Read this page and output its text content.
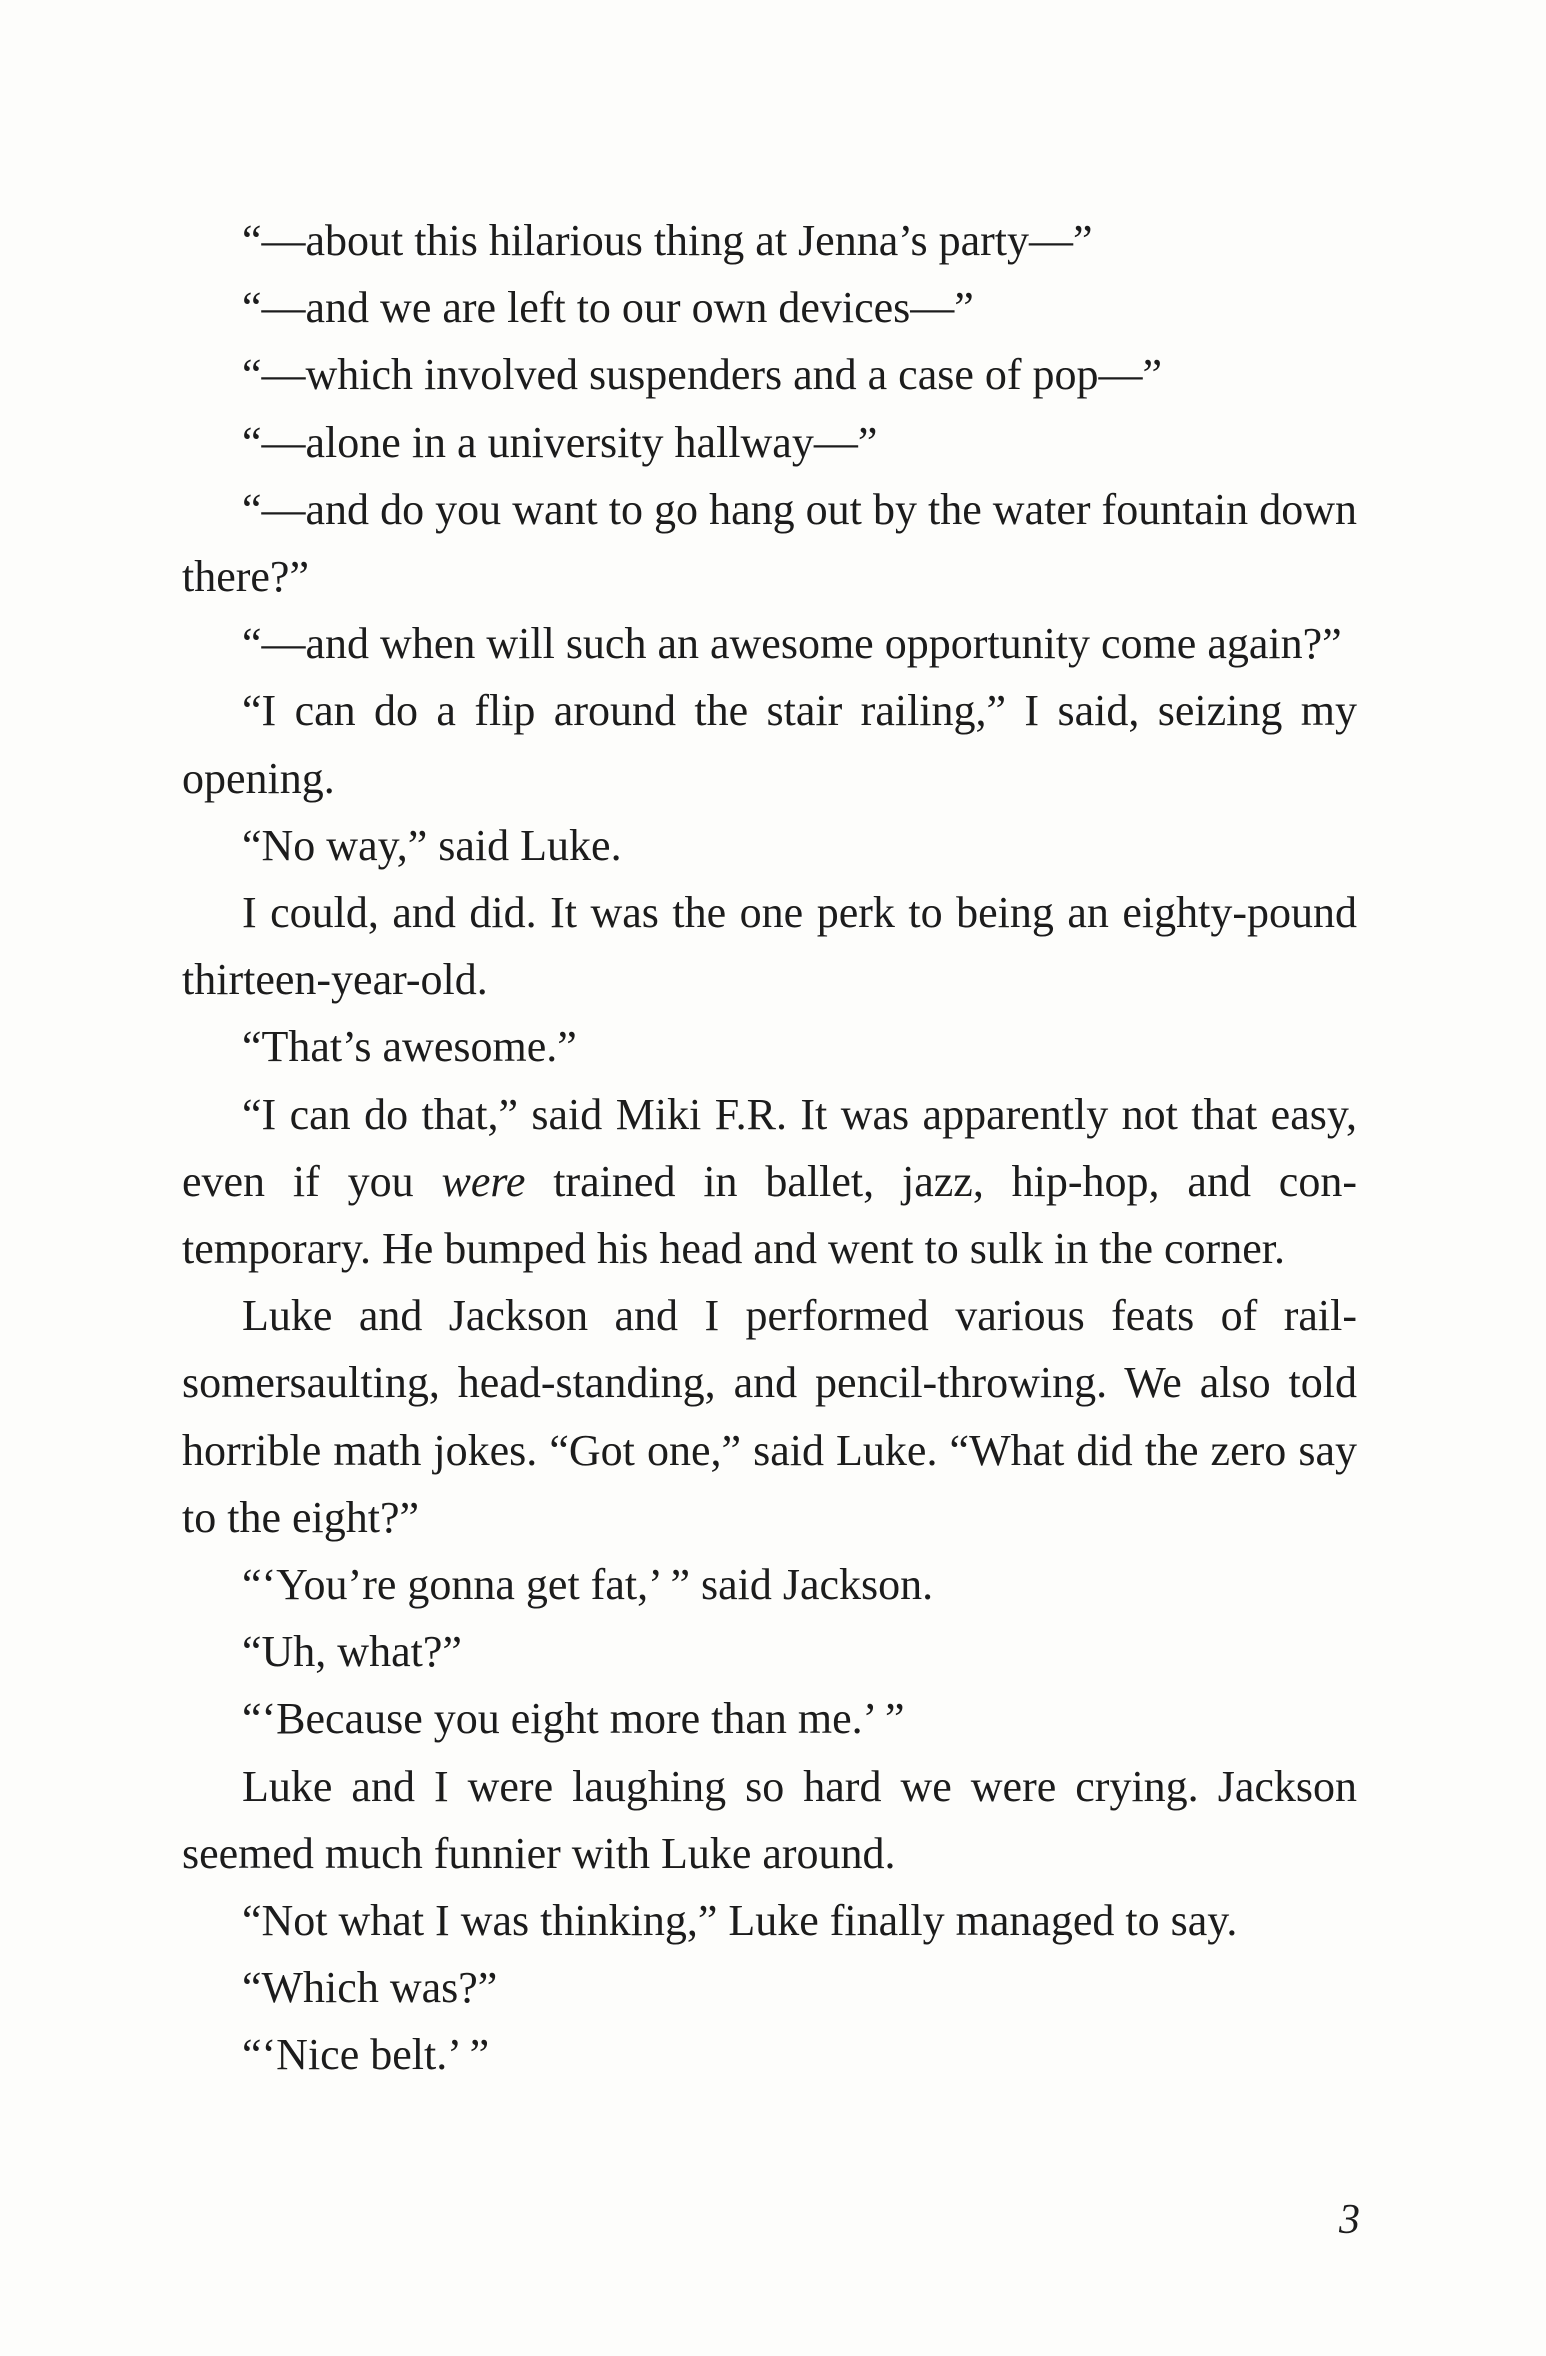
“—about this hilarious thing at Jenna’s party—”

“—and we are left to our own devices—”

“—which involved suspenders and a case of pop—”

“—alone in a university hallway—”

“—and do you want to go hang out by the water fountain down there?”

“—and when will such an awesome opportunity come again?”

“I can do a flip around the stair railing,” I said, seizing my opening.

“No way,” said Luke.

I could, and did. It was the one perk to being an eighty-pound thirteen-year-old.

“That’s awesome.”

“I can do that,” said Miki F.R. It was apparently not that easy, even if you were trained in ballet, jazz, hip-hop, and con-temporary. He bumped his head and went to sulk in the corner.

Luke and Jackson and I performed various feats of rail-somersaulting, head-standing, and pencil-throwing. We also told horrible math jokes. “Got one,” said Luke. “What did the zero say to the eight?”

“‘You’re gonna get fat,’ ” said Jackson.

“Uh, what?”

“‘Because you eight more than me.’ ”

Luke and I were laughing so hard we were crying. Jackson seemed much funnier with Luke around.

“Not what I was thinking,” Luke finally managed to say.

“Which was?”

“‘Nice belt.’ ”

3
